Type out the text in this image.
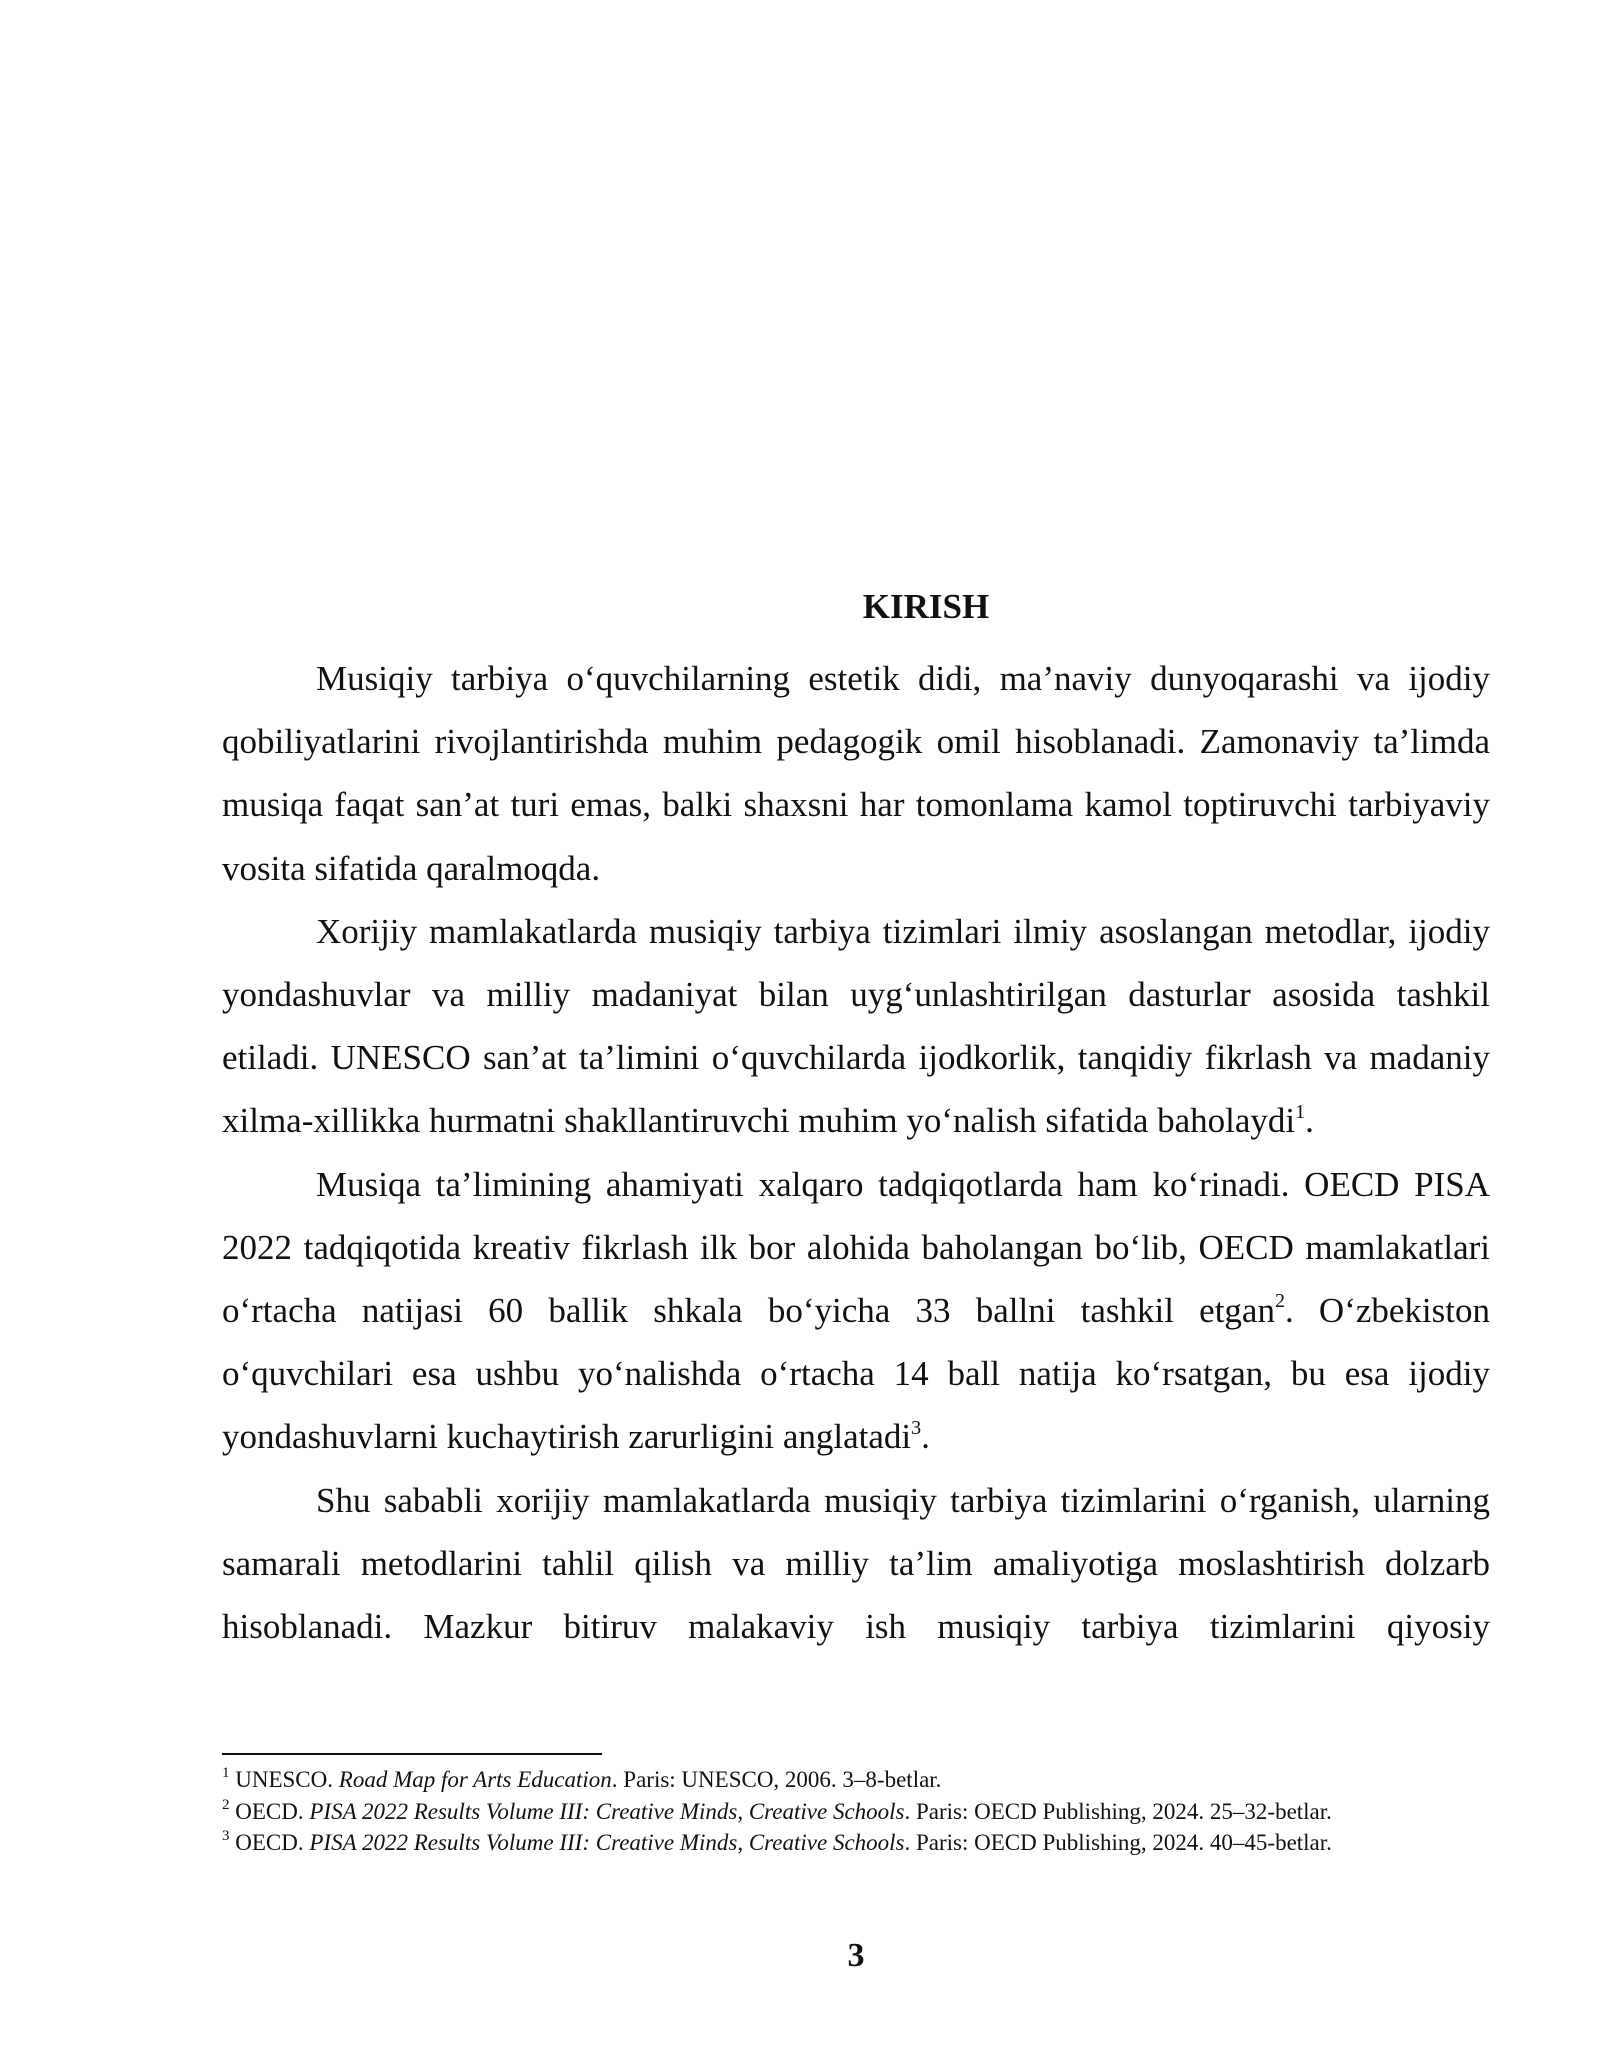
KIRISH

Musiqiy tarbiya o‘quvchilarning estetik didi, ma’naviy dunyoqarashi va ijodiy qobiliyatlarini rivojlantirishda muhim pedagogik omil hisoblanadi. Zamonaviy ta’limda musiqa faqat san’at turi emas, balki shaxsni har tomonlama kamol toptiruvchi tarbiyaviy vosita sifatida qaralmoqda.

Xorijiy mamlakatlarda musiqiy tarbiya tizimlari ilmiy asoslangan metodlar, ijodiy yondashuvlar va milliy madaniyat bilan uyg‘unlashtirilgan dasturlar asosida tashkil etiladi. UNESCO san’at ta’limini o‘quvchilarda ijodkorlik, tanqidiy fikrlash va madaniy xilma-xillikka hurmatni shakllantiruvchi muhim yo‘nalish sifatida baholaydi$^1$.

Musiqa ta’limining ahamiyati xalqaro tadqiqotlarda ham ko‘rinadi. OECD PISA 2022 tadqiqotida kreativ fikrlash ilk bor alohida baholangan bo‘lib, OECD mamlakatlari o‘rtacha natijasi 60 ballik shkala bo‘yicha 33 ballni tashkil etgan$^2$. O‘zbekiston o‘quvchilari esa ushbu yo‘nalishda o‘rtacha 14 ball natija ko‘rsatgan, bu esa ijodiy yondashuvlarni kuchaytirish zarurligini anglatadi$^3$.

Shu sababli xorijiy mamlakatlarda musiqiy tarbiya tizimlarini o‘rganish, ularning samarali metodlarini tahlil qilish va milliy ta’lim amaliyotiga moslashtirish dolzarb hisoblanadi. Mazkur bitiruv malakaviy ish musiqiy tarbiya tizimlarini qiyosiy

$^1$ UNESCO. Road Map for Arts Education. Paris: UNESCO, 2006. 3–8-betlar.

$^2$ OECD. PISA 2022 Results Volume III: Creative Minds, Creative Schools. Paris: OECD Publishing, 2024. 25–32-betlar.

$^3$ OECD. PISA 2022 Results Volume III: Creative Minds, Creative Schools. Paris: OECD Publishing, 2024. 40–45-betlar.

3
